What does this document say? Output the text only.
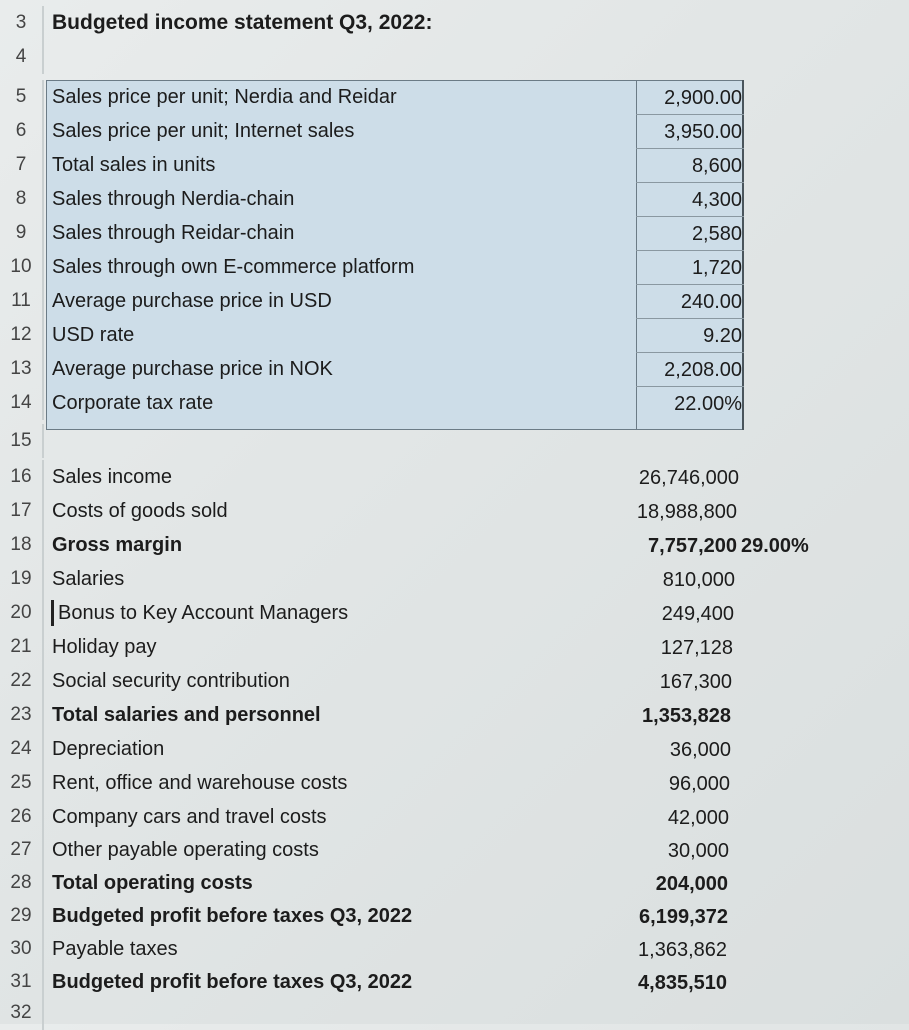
3	Budgeted income statement Q3, 2022:
4
5	Sales price per unit; Nerdia and Reidar	2,900.00
6	Sales price per unit; Internet sales	3,950.00
7	Total sales in units	8,600
8	Sales through Nerdia-chain	4,300
9	Sales through Reidar-chain	2,580
10	Sales through own E-commerce platform	1,720
11	Average purchase price in USD	240.00
12	USD rate	9.20
13	Average purchase price in NOK	2,208.00
14	Corporate tax rate	22.00%
15
16	Sales income	26,746,000
17	Costs of goods sold	18,988,800
18	Gross margin	7,757,200 29.00%
19	Salaries	810,000
20	Bonus to Key Account Managers	249,400
21	Holiday pay	127,128
22	Social security contribution	167,300
23	Total salaries and personnel	1,353,828
24	Depreciation	36,000
25	Rent, office and warehouse costs	96,000
26	Company cars and travel costs	42,000
27	Other payable operating costs	30,000
28	Total operating costs	204,000
29	Budgeted profit before taxes Q3, 2022	6,199,372
30	Payable taxes	1,363,862
31	Budgeted profit before taxes Q3, 2022	4,835,510
32
